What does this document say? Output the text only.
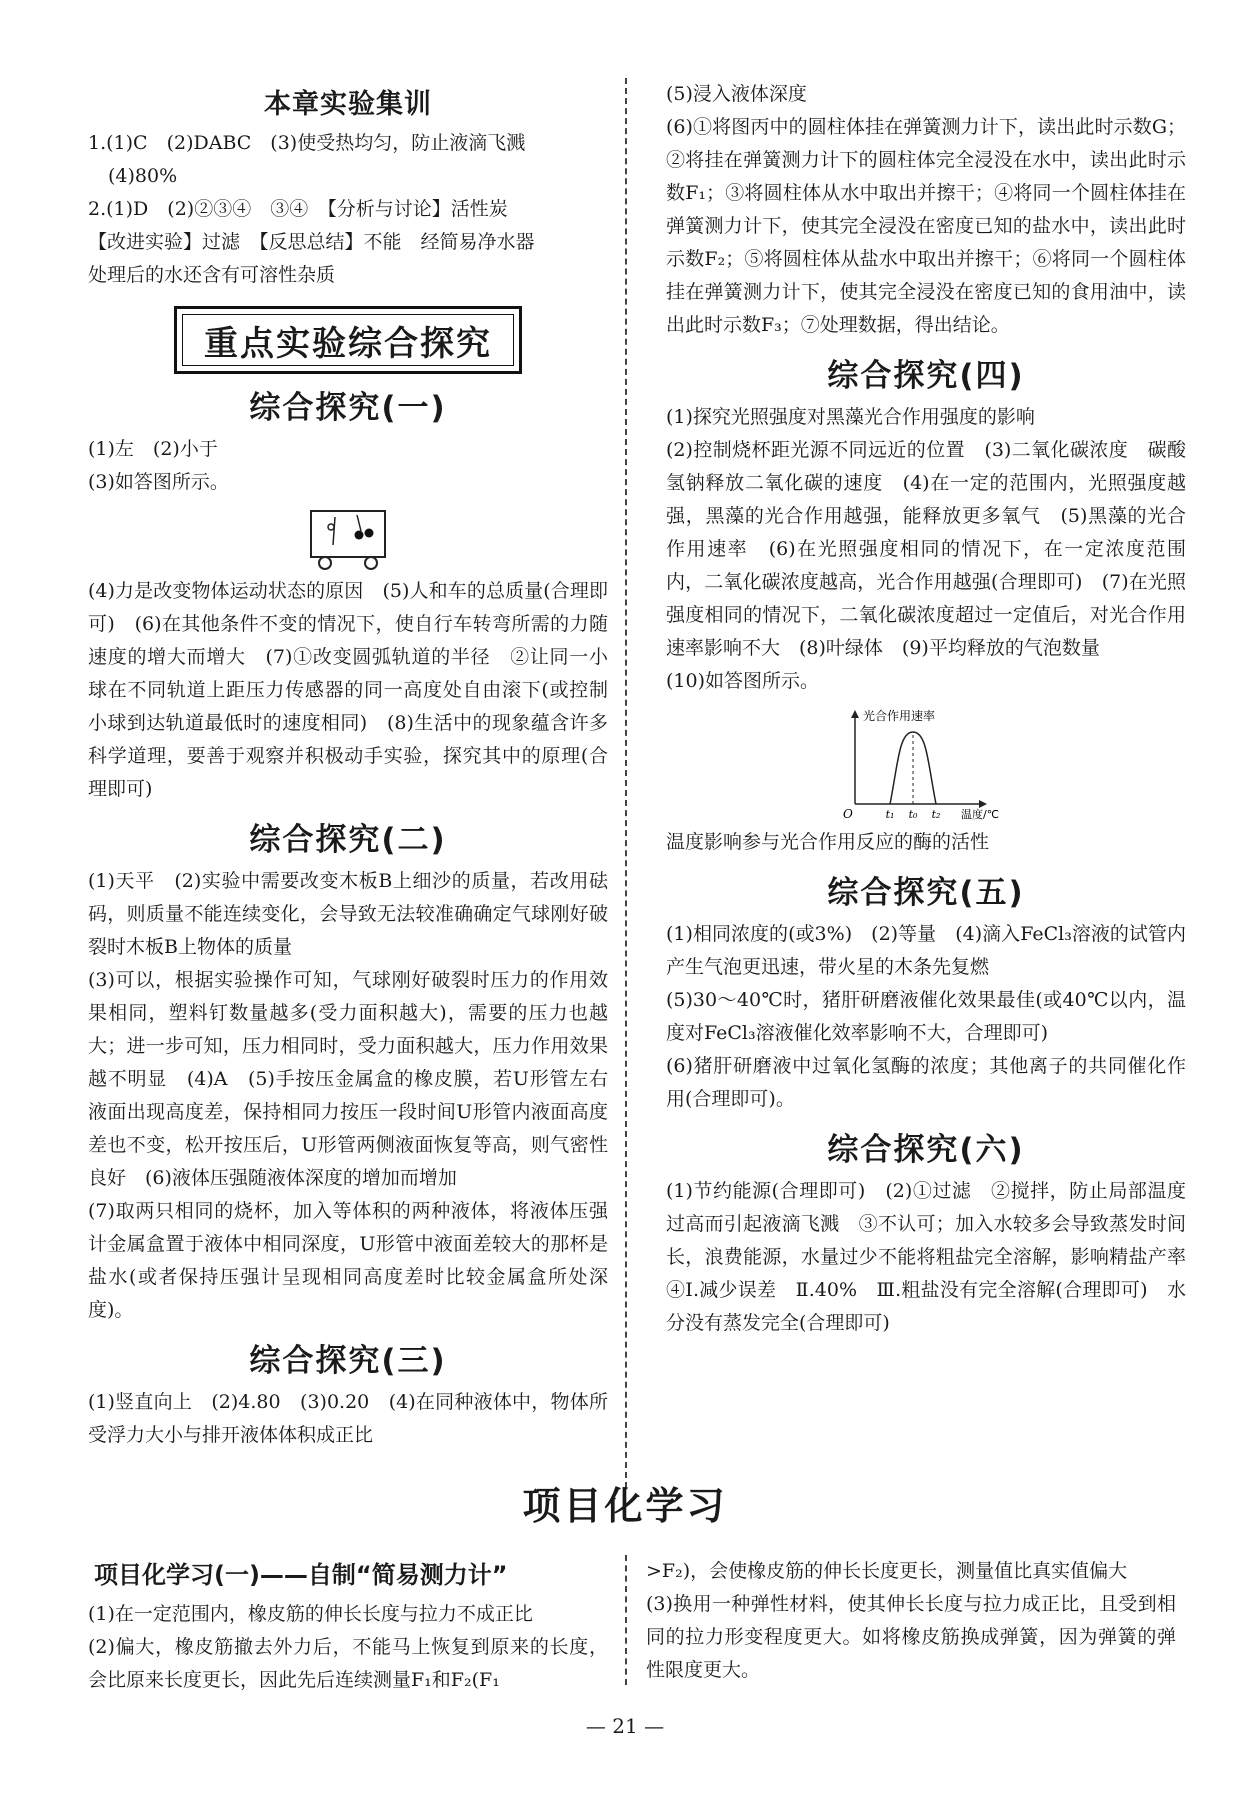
本章实验集训

1.(1)C　(2)DABC　(3)使受热均匀，防止液滴飞溅

(4)80%

2.(1)D　(2)②③④　③④　【分析与讨论】活性炭

【改进实验】过滤　【反思总结】不能　经简易净水器

处理后的水还含有可溶性杂质

重点实验综合探究
综合探究(一)

(1)左　(2)小于

(3)如答图所示。

(4)力是改变物体运动状态的原因　(5)人和车的总质量(合理即可)　(6)在其他条件不变的情况下，使自行车转弯所需的力随速度的增大而增大　(7)①改变圆弧轨道的半径　②让同一小球在不同轨道上距压力传感器的同一高度处自由滚下(或控制小球到达轨道最低时的速度相同)　(8)生活中的现象蕴含许多科学道理，要善于观察并积极动手实验，探究其中的原理(合理即可)

综合探究(二)

(1)天平　(2)实验中需要改变木板B上细沙的质量，若改用砝码，则质量不能连续变化，会导致无法较准确确定气球刚好破裂时木板B上物体的质量

(3)可以，根据实验操作可知，气球刚好破裂时压力的作用效果相同，塑料钉数量越多(受力面积越大)，需要的压力也越大；进一步可知，压力相同时，受力面积越大，压力作用效果越不明显　(4)A　(5)手按压金属盒的橡皮膜，若U形管左右液面出现高度差，保持相同力按压一段时间U形管内液面高度差也不变，松开按压后，U形管两侧液面恢复等高，则气密性良好　(6)液体压强随液体深度的增加而增加

(7)取两只相同的烧杯，加入等体积的两种液体，将液体压强计金属盒置于液体中相同深度，U形管中液面差较大的那杯是盐水(或者保持压强计呈现相同高度差时比较金属盒所处深度)。

综合探究(三)

(1)竖直向上　(2)4.80　(3)0.20　(4)在同种液体中，物体所受浮力大小与排开液体体积成正比

(5)浸入液体深度

(6)①将图丙中的圆柱体挂在弹簧测力计下，读出此时示数G；②将挂在弹簧测力计下的圆柱体完全浸没在水中，读出此时示数F₁；③将圆柱体从水中取出并擦干；④将同一个圆柱体挂在弹簧测力计下，使其完全浸没在密度已知的盐水中，读出此时示数F₂；⑤将圆柱体从盐水中取出并擦干；⑥将同一个圆柱体挂在弹簧测力计下，使其完全浸没在密度已知的食用油中，读出此时示数F₃；⑦处理数据，得出结论。

综合探究(四)

(1)探究光照强度对黑藻光合作用强度的影响

(2)控制烧杯距光源不同远近的位置　(3)二氧化碳浓度　碳酸氢钠释放二氧化碳的速度　(4)在一定的范围内，光照强度越强，黑藻的光合作用越强，能释放更多氧气　(5)黑藻的光合作用速率　(6)在光照强度相同的情况下，在一定浓度范围内，二氧化碳浓度越高，光合作用越强(合理即可)　(7)在光照强度相同的情况下，二氧化碳浓度超过一定值后，对光合作用速率影响不大　(8)叶绿体　(9)平均释放的气泡数量

(10)如答图所示。

光合作用速率
O	t₁ t₀ t₂ 温度/℃

温度影响参与光合作用反应的酶的活性

综合探究(五)

(1)相同浓度的(或3%)　(2)等量　(4)滴入FeCl₃溶液的试管内产生气泡更迅速，带火星的木条先复燃

(5)30～40℃时，猪肝研磨液催化效果最佳(或40℃以内，温度对FeCl₃溶液催化效率影响不大，合理即可)

(6)猪肝研磨液中过氧化氢酶的浓度；其他离子的共同催化作用(合理即可)。

综合探究(六)

(1)节约能源(合理即可)　(2)①过滤　②搅拌，防止局部温度过高而引起液滴飞溅　③不认可；加入水较多会导致蒸发时间长，浪费能源，水量过少不能将粗盐完全溶解，影响精盐产率　④Ⅰ.减少误差　Ⅱ.40%　Ⅲ.粗盐没有完全溶解(合理即可)　水分没有蒸发完全(合理即可)

项目化学习
项目化学习(一)——自制“简易测力计”

(1)在一定范围内，橡皮筋的伸长长度与拉力不成正比

(2)偏大，橡皮筋撤去外力后，不能马上恢复到原来的长度，会比原来长度更长，因此先后连续测量F₁和F₂(F₁

>F₂)，会使橡皮筋的伸长长度更长，测量值比真实值偏大

(3)换用一种弹性材料，使其伸长长度与拉力成正比，且受到相同的拉力形变程度更大。如将橡皮筋换成弹簧，因为弹簧的弹性限度更大。

— 21 —
